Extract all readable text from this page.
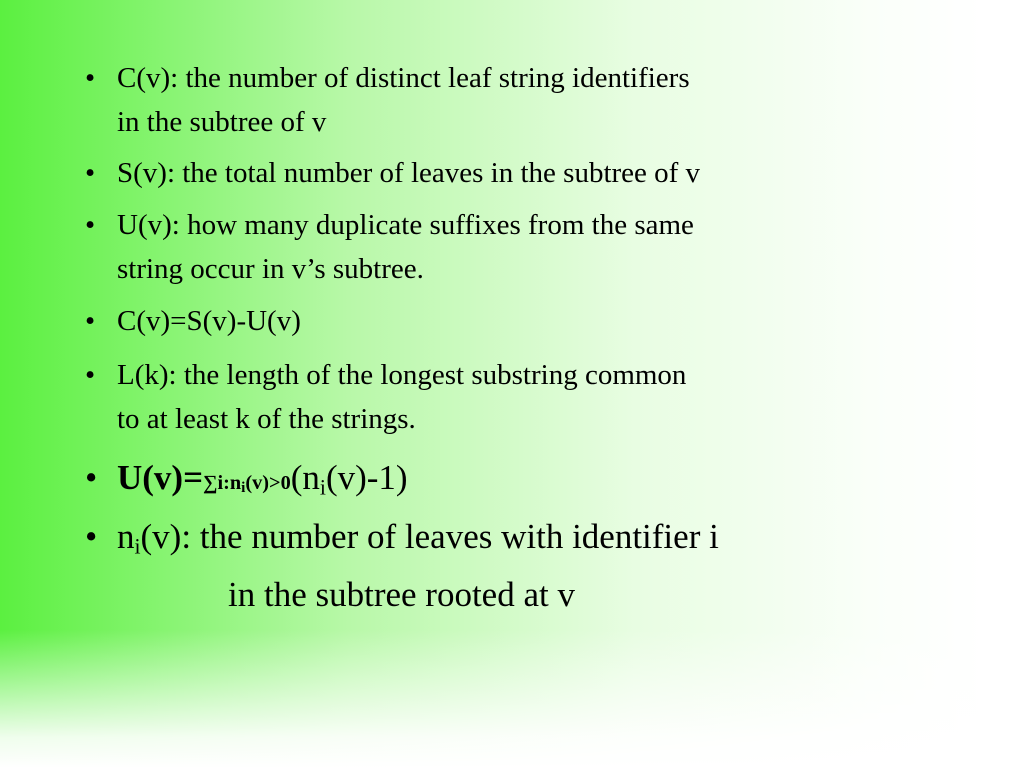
• C(v): the number of distinct leaf string identifiers
in the subtree of v
• S(v): the total number of leaves in the subtree of v
• U(v): how many duplicate suffixes from the same
string occur in v’s subtree.
• C(v)=S(v)-U(v)
• L(k): the length of the longest substring common
to at least k of the strings.
• $U(v)=\sum i:n_i(v)>0(n_i(v)-1)$
• $n_i(v)$: the number of leaves with identifier i
in the subtree rooted at v
